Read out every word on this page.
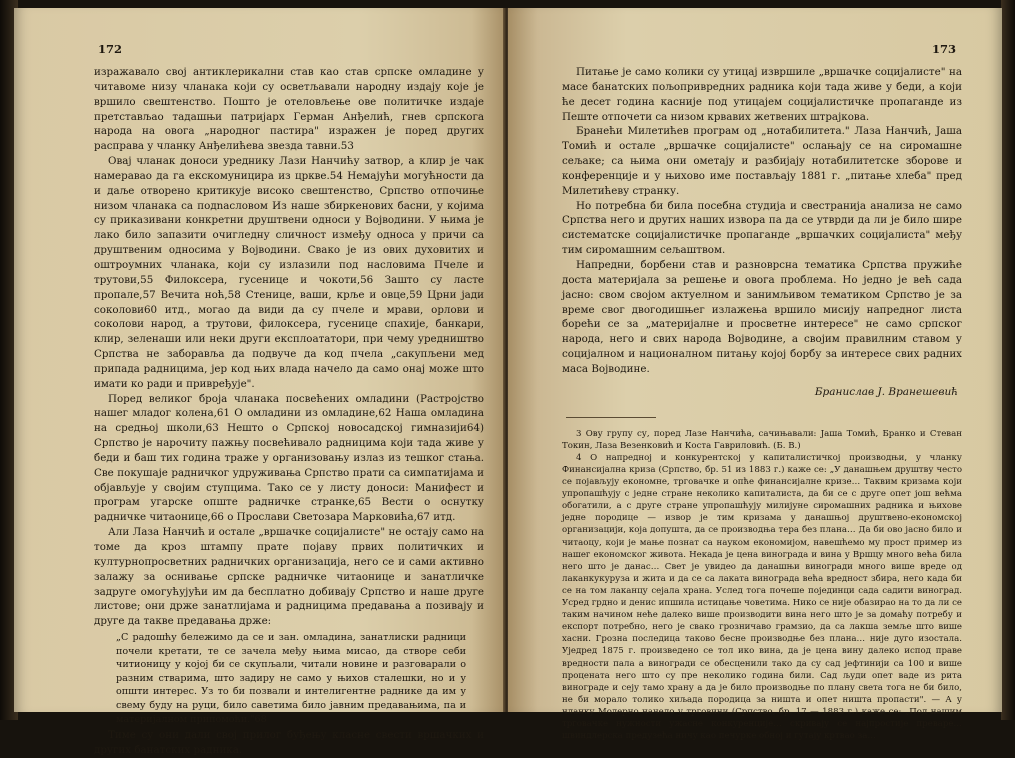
172

изражавало свој антиклерикални став као став српске омладине у читавоме низу чланака који су осветљавали народну издају које је вршило свештенство. Пошто је отеловљење ове политичке издаје претстављао тадашњи патријарх Герман Анђелић, гнев српскога народа на овога „народног пастира" изражен је поред других расправа у чланку Анђелићева звезда тавни.53

Овај чланак доноси уреднику Лази Нанчићу затвор, а клир је чак намеравао да га екскомуницира из цркве.54 Немајући могућности да и даље отворено критикује високо свештенство, Српство отпочиње низом чланака са подnасловом Из наше збиркенових басни, у којима су приказивани конкретни друштвени односи у Војводини. У њима је лако било запазити очигледну сличност између односа у причи са друштвеним односима у Војводини. Свако је из ових духовитих и оштроумних чланака, који су излазили под насловима Пчеле и трутови,55 Филоксера, гусенице и чокоти,56 Зашто су ласте пропале,57 Вечита ноћ,58 Стенице, ваши, крље и овце,59 Црни јади соколови60 итд., могао да види да су пчеле и мрави, орлови и соколови народ, а трутови, филоксера, гусенице спахије, банкари, клир, зеленаши или неки други експлоататори, при чему уредништво Српства не заборавља да подвуче да код пчела „сакупљени мед припада радницима, јер код њих влада начело да само онај може што имати ко ради и привређује".

Поред великог броја чланака посвећених омладини (Растројство нашег младог колена,61 О омладини из омладине,62 Наша омладина на средњој школи,63 Нешто о Српској новосадској гимназији64) Српство је нарочиту пажњу посвећивало радницима који тада живе у беди и баш тих година траже у организовању излаз из тешког стања. Све покушаје радничког удруживања Српство прати са симпатијама и објављује у својим ступцима. Тако се у листу доноси: Манифест и програм угарске опште радничке странке,65 Вести о оснутку радничке читаонице,66 о Прослави Светозара Марковића,67 итд.

Али Лаза Нанчић и остале „вршачке социјалисте" не остају само на томе да кроз штампу прате појаву првих политичких и културнопросветних радничких организација, него се и сами активно залажу за оснивање српске радничке читаонице и занатличке задруге омогућујући им да бесплатно добивају Српство и наше друге листове; они држе занатлијама и радницима предавања а позивају и друге да такве предавања држе:

„С радошћу бележимо да се и зан. омладина, занатлиски радници почели кретати, те се зачела међу њима мисао, да створе себи читионицу у којој би се скупљали, читали новине и разговарали о разним стварима, што задиру не само у њихов сталешки, но и у општи интерес. Уз то би позвали и интелигентне раднике да им у свему буду на руци, било саветима било јавним предавањима, па и материјалном припомоћи."68

Тиме су они дали свој прилог буђењу класне свести вршачких и других банатских радника.

173

Питање је само колики су утицај извршиле „вршачке социјалисте" на масе банатских пољопривредних радника који тада живе у беди, а који ће десет година касније под утицајем социјалистичке пропаганде из Пеште отпочети са низом крвавих жетвених штрајкова.

Бранећи Милетићев програм од „нотабилитета." Лаза Нанчић, Јаша Томић и остале „вршачке социјалисте" ослањају се на сиромашне сељаке; са њима они ометају и разбијају нотабилитетске зборове и конференције и у њихово име постављају 1881 г. „питање хлеба" пред Милетићеву странку.

Но потребна би била посебна студија и свестранија анализа не само Српства него и других наших извора па да се утврди да ли је било шире систематске социјалистичке пропаганде „вршачких социјалиста" међу тим сиромашним сељаштвом.

Напредни, борбени став и разноврсна тематика Српства пружиће доста материјала за решење и овога проблема. Но једно је већ сада јасно: свом својом актуелном и занимљивом тематиком Српство је за време свог двогодишњег излажења вршило мисију напредног листа борећи се за „материјалне и просветне интересе" не само српског народа, него и свих народа Војводине, а својим правилним ставом у социјалном и националном питању којој борбу за интересе свих радних маса Војводине.

Бранислав Ј. Вранешевић

3 Ову групу су, поред Лазе Нанчића, сачињавали: Јаша Томић, Бранко и Стеван Токин, Лаза Везенковић и Коста Гавриловић. (Б. В.)

4 О напредној и конкурентској у капиталистичкој производњи, у чланку Финансијална криза (Српство, бр. 51 из 1883 г.) каже се: „У данашњем друштву често се појављују економне, трговачке и опће финансијалне кризе… Таквим кризама који упропашћују с једне стране неколико капиталиста, да би се с друге опет још већма обогатили, а с друге стране упропашћују милијуне сиромашних радника и њихове једне породице — извор је тим кризама у данашњој друштвено-економској организацији, која допушта, да се производња тера без плана… Да би ово јасно било и читаоцу, који је мање познат са науком економијом, навешћемо му прост пример из нашег економског живота. Некада је цена винограда и вина у Вршцу много већа била него што је данас… Свет је увидео да данашњи виногради много више вреде од лаканкукуруза и жита и да се са лаката винограда већа вредност збира, него када би се на том лаканцу сејала храна. Услед тога почеше појединци сада садити виноград. Усред грдно и денис ипшила истицање човетима. Нико се није обазирао на то да ли се таким начином неће далеко више производити вина него што је за домаћу потребу и експорт потребно, него је свако грозничаво грамзио, да са лакша земље што више хасни. Грозна последица таково бесне производње без плана… није дуго изостала. Уједред 1875 г. произведено се тол ико вина, да је цена вину далеко испод праве вредности пала а виногради се обесценили тако да су сад јефтинији са 100 и више процената него што су пре неколико година били. Сад људи опет ваде из рита винограде и сеју тамо храну а да је било производње по плану света тога не би било, не би морало толико хиљада породица за ништа и опет ништа пропасти". — А у чланку Модерно начело у трговини (Српство, бр. 17 — 1883 г.) каже се: „Под нашим трговачке нужности ужасне конкуренције… скривају се најпростије преваре… швиндлерска предузећа ничу као печурке обној и гутају кртвао за…
